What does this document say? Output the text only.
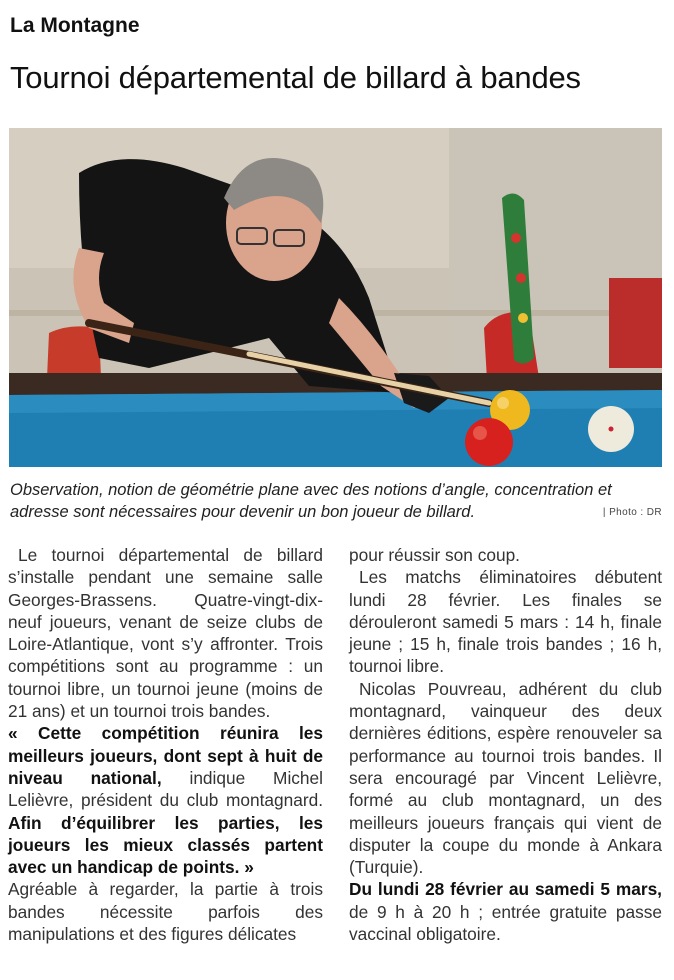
La Montagne
Tournoi départemental de billard à bandes
Observation, notion de géométrie plane avec des notions d’angle, concentration et adresse sont nécessaires pour devenir un bon joueur de billard.	| Photo : DR

Le tournoi départemental de billard s’installe pendant une semaine salle Georges-Brassens. Quatre-vingt-dix-neuf joueurs, venant de seize clubs de Loire-Atlantique, vont s’y affronter. Trois compétitions sont au programme : un tournoi libre, un tournoi jeune (moins de 21 ans) et un tournoi trois bandes.

« Cette compétition réunira les meilleurs joueurs, dont sept à huit de niveau national, indique Michel Lelièvre, président du club montagnard. Afin d’équilibrer les parties, les joueurs les mieux classés partent avec un handicap de points. »

Agréable à regarder, la partie à trois bandes nécessite parfois des manipulations et des figures délicates

pour réussir son coup.

Les matchs éliminatoires débutent lundi 28 février. Les finales se dérouleront samedi 5 mars : 14 h, finale jeune ; 15 h, finale trois bandes ; 16 h, tournoi libre.

Nicolas Pouvreau, adhérent du club montagnard, vainqueur des deux dernières éditions, espère renouveler sa performance au tournoi trois bandes. Il sera encouragé par Vincent Lelièvre, formé au club montagnard, un des meilleurs joueurs français qui vient de disputer la coupe du monde à Ankara (Turquie).

Du lundi 28 février au samedi 5 mars, de 9 h à 20 h ; entrée gratuite passe vaccinal obligatoire.
